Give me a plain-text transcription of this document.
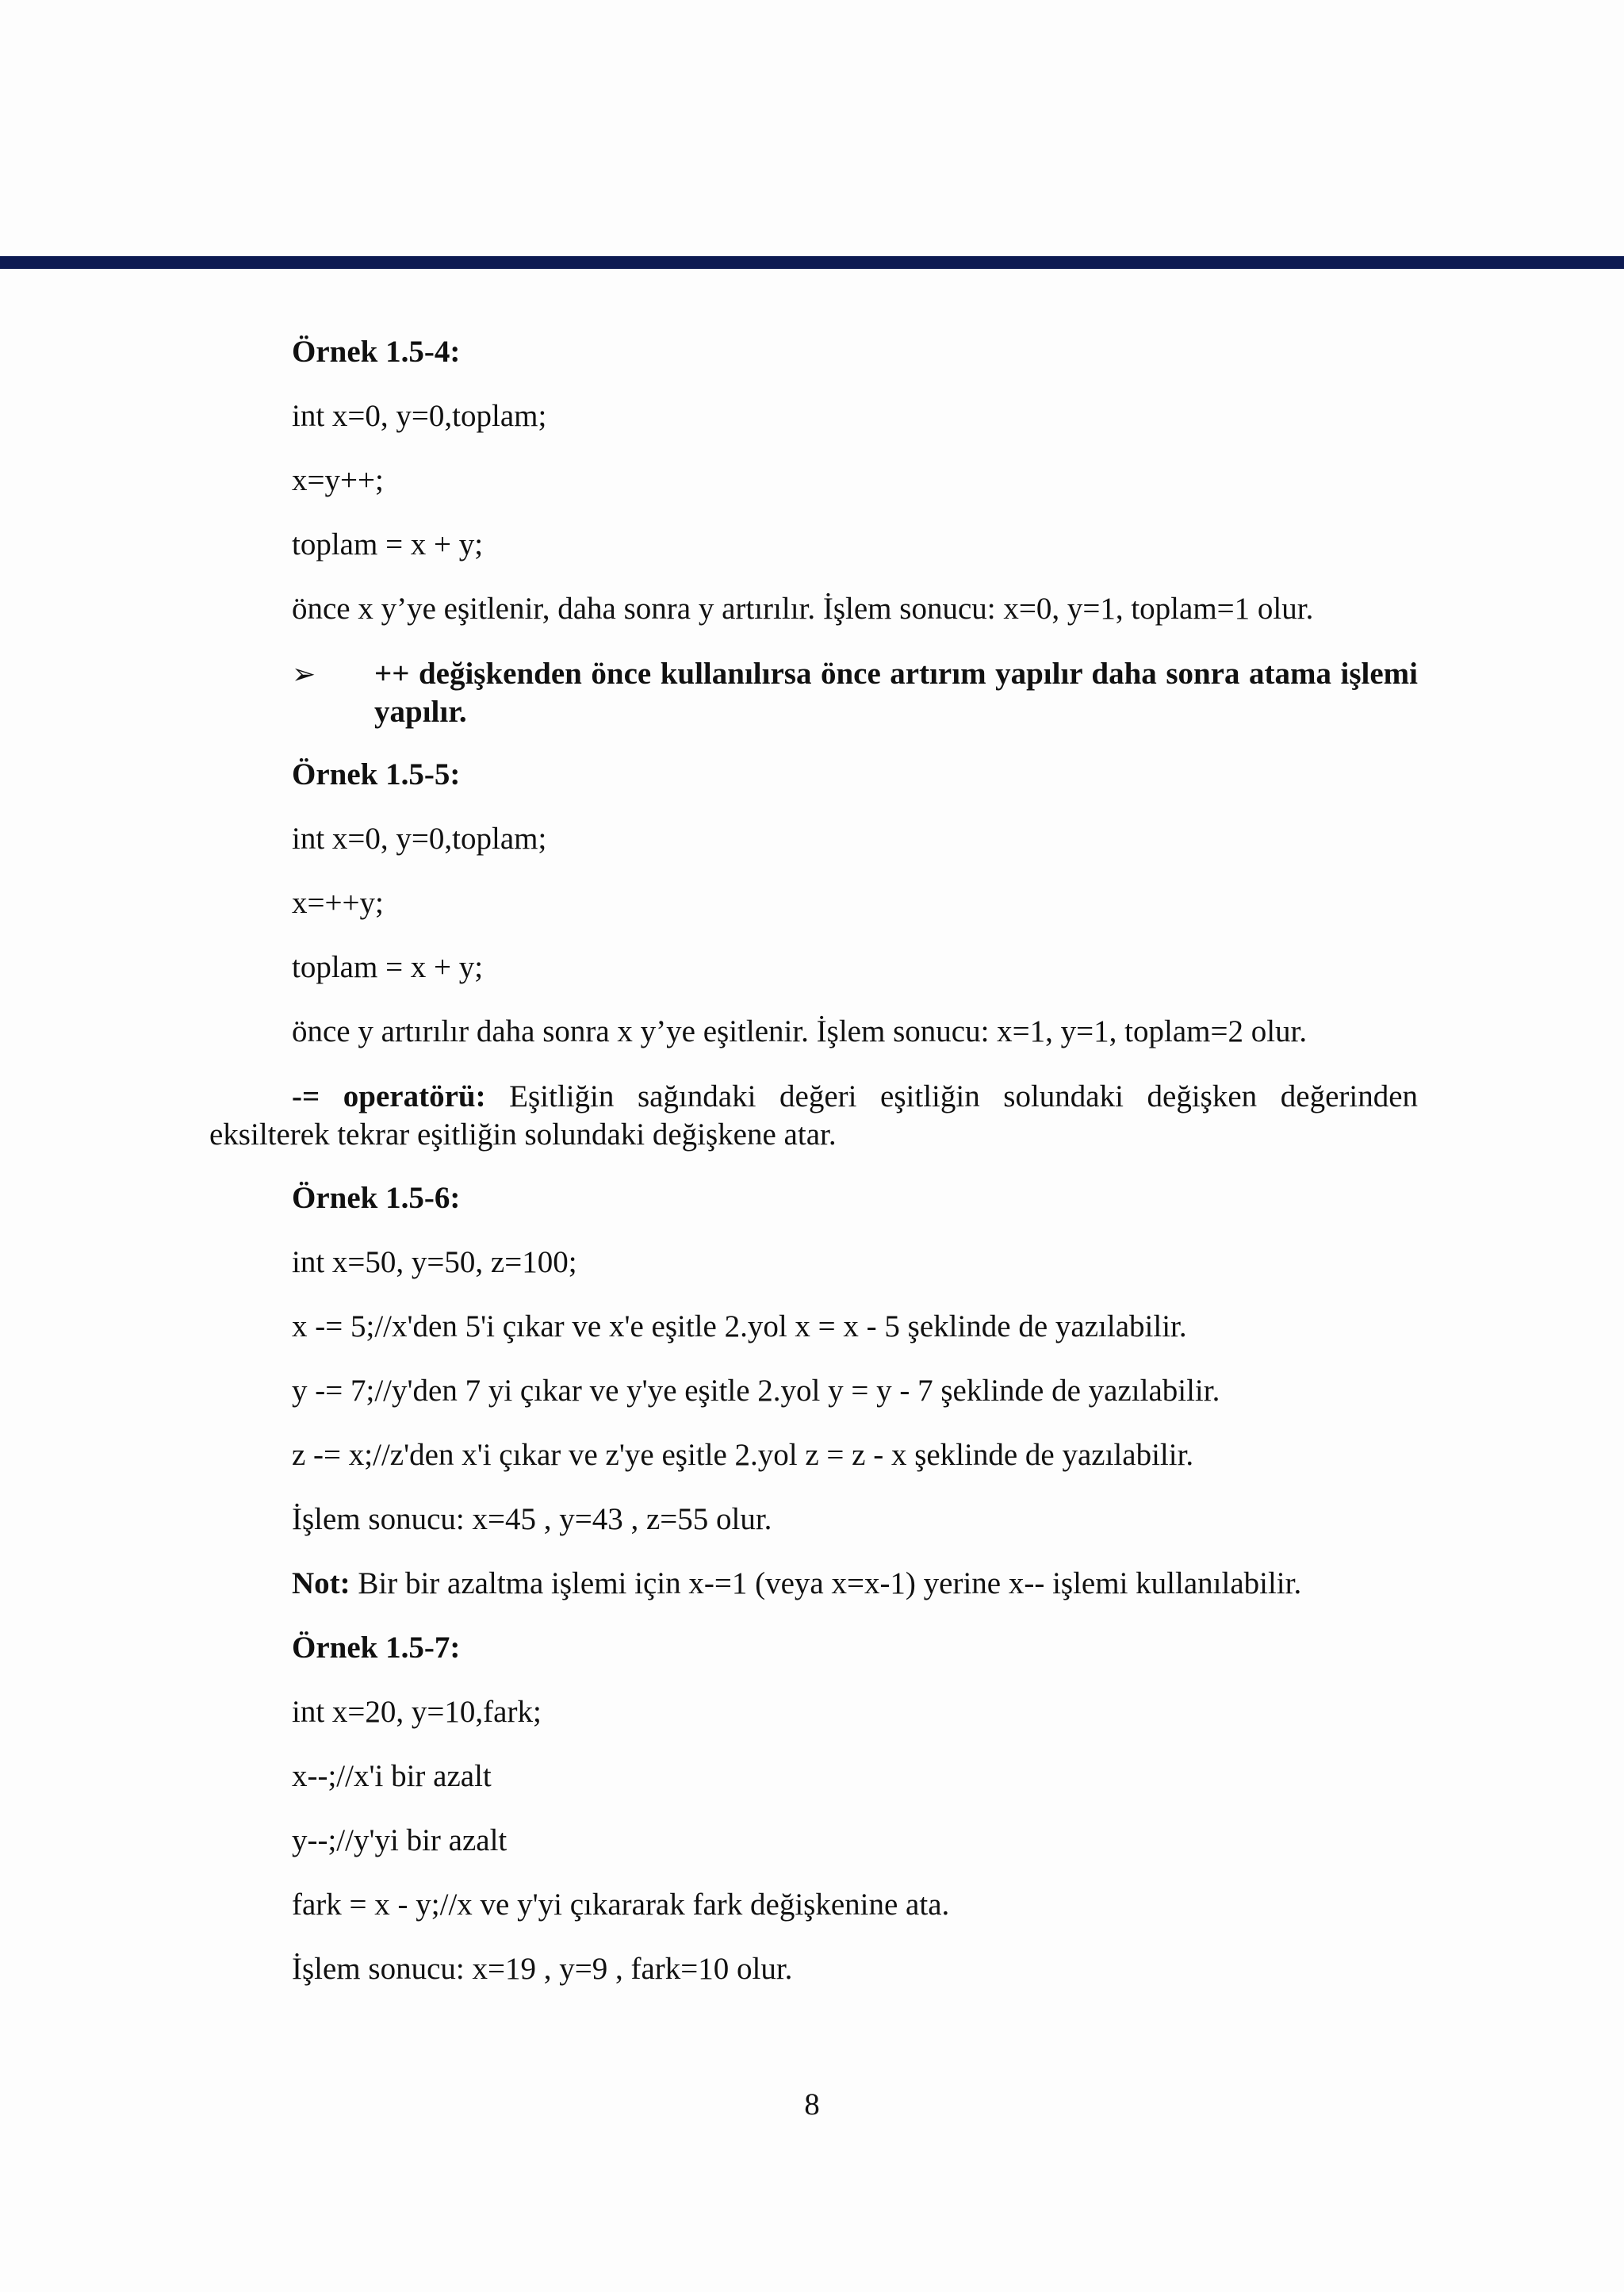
Örnek 1.5-4:
int x=0, y=0,toplam;
x=y++;
toplam = x + y;
önce x y’ye eşitlenir, daha sonra y artırılır. İşlem sonucu: x=0, y=1, toplam=1 olur.
➢ ++ değişkenden önce kullanılırsa önce artırım yapılır daha sonra atama işlemi yapılır.
Örnek 1.5-5:
int x=0, y=0,toplam;
x=++y;
toplam = x + y;
önce y artırılır daha sonra x y’ye eşitlenir. İşlem sonucu: x=1, y=1, toplam=2 olur.
-= operatörü: Eşitliğin sağındaki değeri eşitliğin solundaki değişken değerinden eksilterek tekrar eşitliğin solundaki değişkene atar.
Örnek 1.5-6:
int x=50, y=50, z=100;
x -= 5;//x'den 5'i çıkar ve x'e eşitle 2.yol x = x - 5 şeklinde de yazılabilir.
y -= 7;//y'den 7 yi çıkar ve y'ye eşitle 2.yol y = y - 7 şeklinde de yazılabilir.
z -= x;//z'den x'i çıkar ve z'ye eşitle 2.yol z = z - x şeklinde de yazılabilir.
İşlem sonucu: x=45 , y=43 , z=55 olur.
Not: Bir bir azaltma işlemi için x-=1 (veya x=x-1) yerine x-- işlemi kullanılabilir.
Örnek 1.5-7:
int x=20, y=10,fark;
x--;//x'i bir azalt
y--;//y'yi bir azalt
fark = x - y;//x ve y'yi çıkararak fark değişkenine ata.
İşlem sonucu: x=19 , y=9 , fark=10 olur.
8
